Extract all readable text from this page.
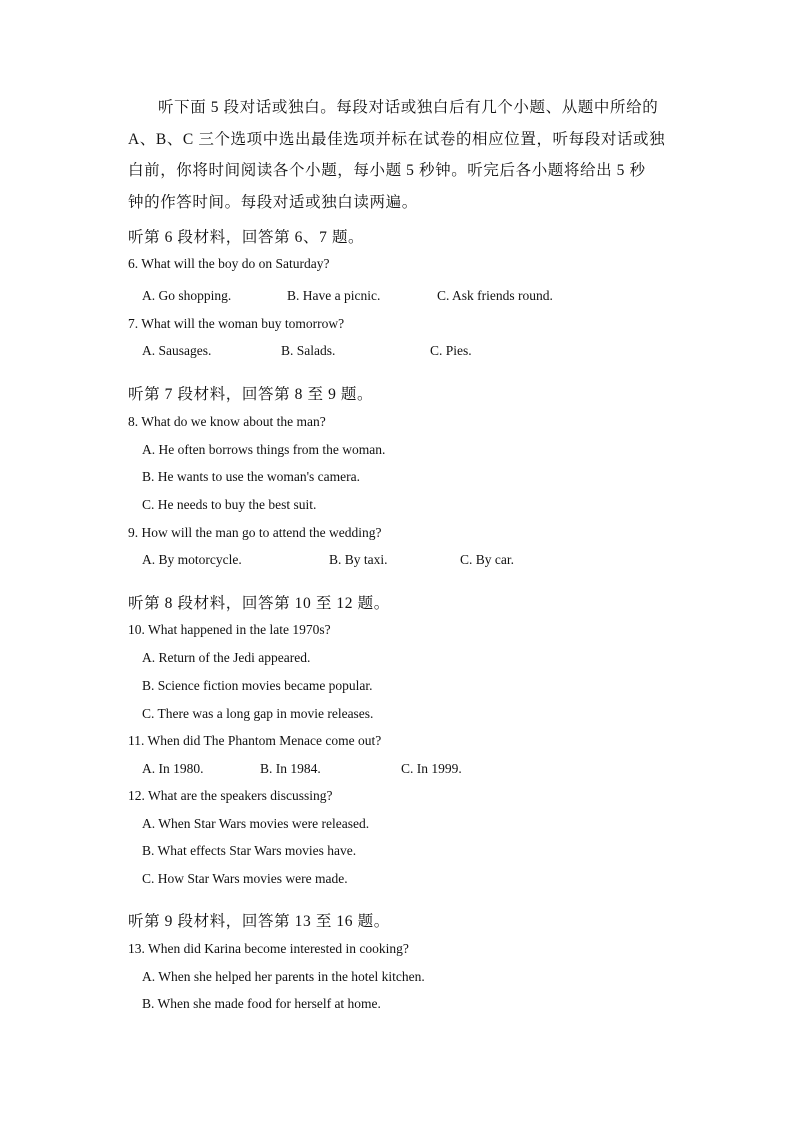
听下面 5 段对话或独白。每段对话或独白后有几个小题、从题中所给的
A、B、C 三个选项中选出最佳选项并标在试卷的相应位置，听每段对话或独
白前，你将时间阅读各个小题，每小题 5 秒钟。听完后各小题将给出 5 秒
钟的作答时间。每段对适或独白读两遍。
听第 6 段材料，回答第 6、7 题。
6. What will the boy do on Saturday?
A. Go shopping.	B. Have a picnic.	C. Ask friends round.
7. What will the woman buy tomorrow?
A. Sausages.	B. Salads.	C. Pies.
听第 7 段材料，回答第 8 至 9 题。
8. What do we know about the man?
A. He often borrows things from the woman.
B. He wants to use the woman's camera.
C. He needs to buy the best suit.
9. How will the man go to attend the wedding?
A. By motorcycle.	B. By taxi.	C. By car.
听第 8 段材料，回答第 10 至 12 题。
10. What happened in the late 1970s?
A. Return of the Jedi appeared.
B. Science fiction movies became popular.
C. There was a long gap in movie releases.
11. When did The Phantom Menace come out?
A. In 1980.	B. In 1984.	C. In 1999.
12. What are the speakers discussing?
A. When Star Wars movies were released.
B. What effects Star Wars movies have.
C. How Star Wars movies were made.
听第 9 段材料，回答第 13 至 16 题。
13. When did Karina become interested in cooking?
A. When she helped her parents in the hotel kitchen.
B. When she made food for herself at home.
